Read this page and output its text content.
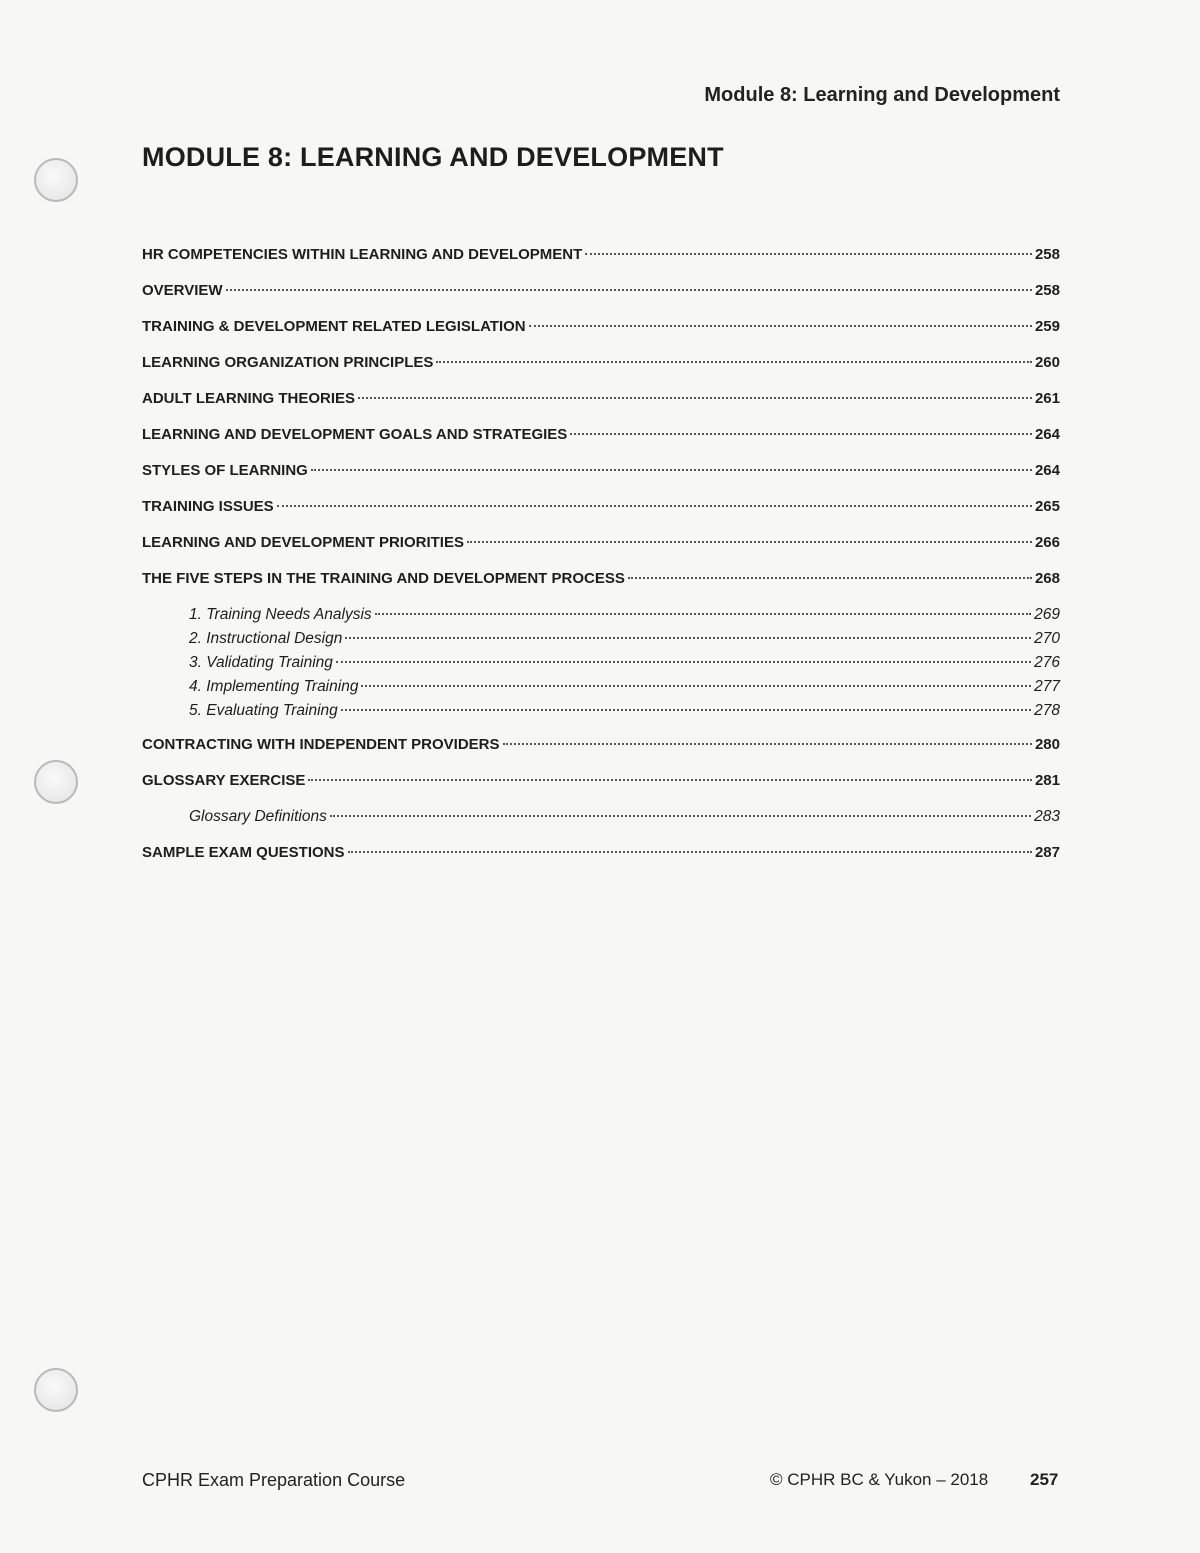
Module 8: Learning and Development
MODULE 8: LEARNING AND DEVELOPMENT
HR COMPETENCIES WITHIN LEARNING AND DEVELOPMENT	258
OVERVIEW	258
TRAINING & DEVELOPMENT RELATED LEGISLATION	259
LEARNING ORGANIZATION PRINCIPLES	260
ADULT LEARNING THEORIES	261
LEARNING AND DEVELOPMENT GOALS AND STRATEGIES	264
STYLES OF LEARNING	264
TRAINING ISSUES	265
LEARNING AND DEVELOPMENT PRIORITIES	266
THE FIVE STEPS IN THE TRAINING AND DEVELOPMENT PROCESS	268
1. Training Needs Analysis	269
2. Instructional Design	270
3. Validating Training	276
4. Implementing Training	277
5. Evaluating Training	278
CONTRACTING WITH INDEPENDENT PROVIDERS	280
GLOSSARY EXERCISE	281
Glossary Definitions	283
SAMPLE EXAM QUESTIONS	287
CPHR Exam Preparation Course	© CPHR BC & Yukon – 2018 257
